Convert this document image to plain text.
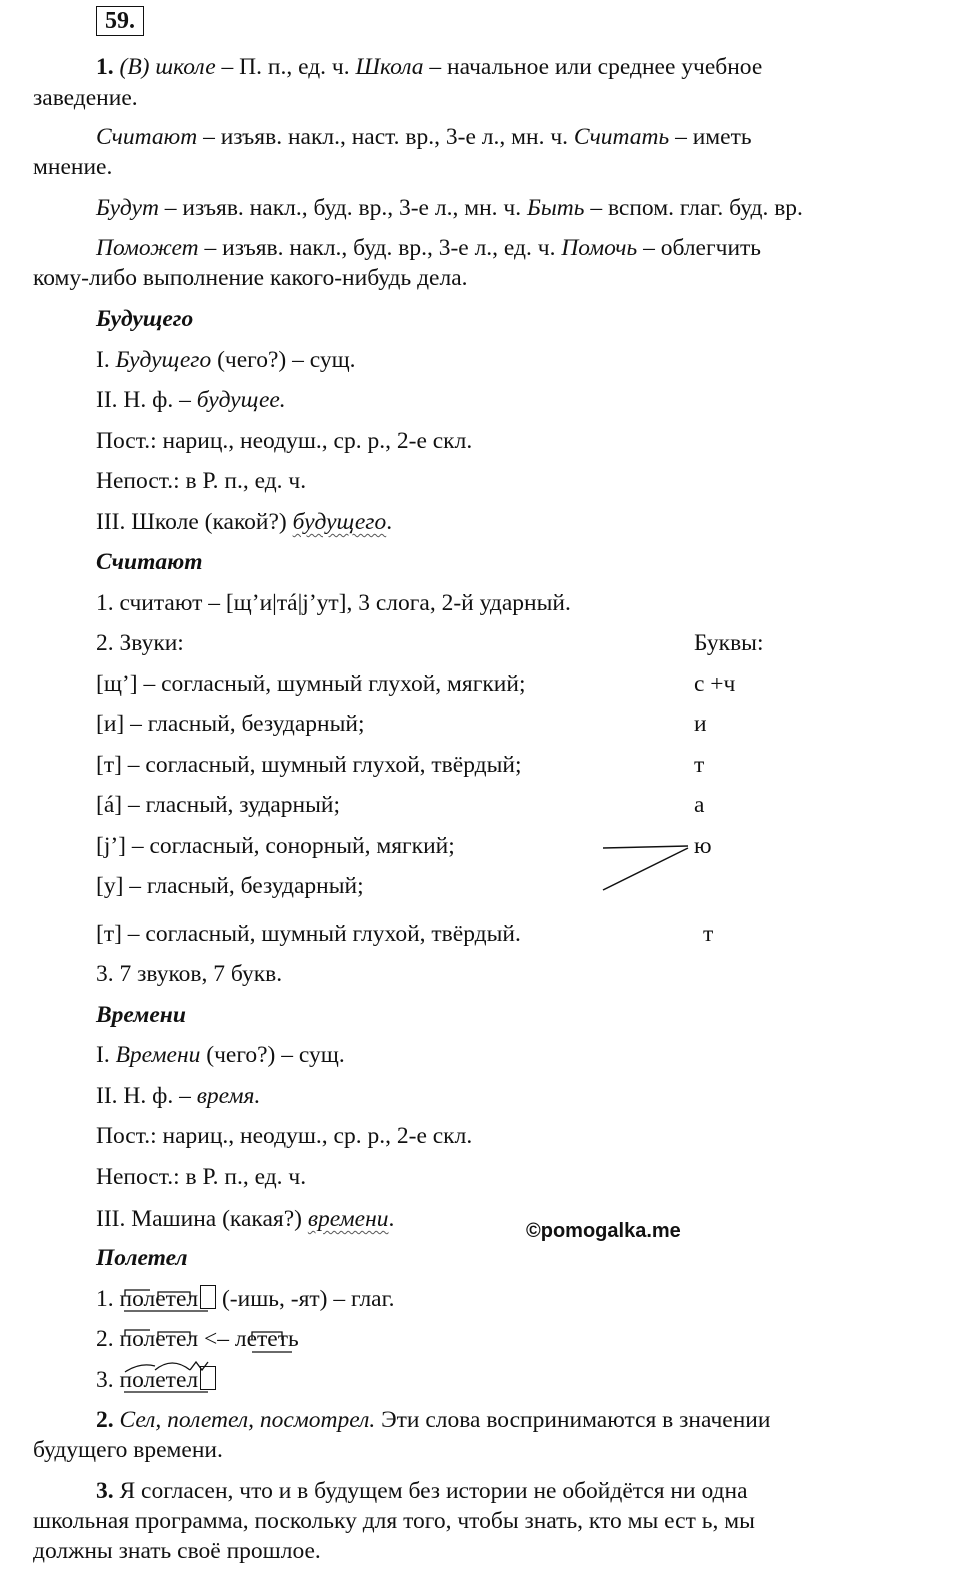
59.
1. (В) школе – П. п., ед. ч. Школа – начальное или среднее учебное
заведение.
Считают – изъяв. накл., наст. вр., 3-е л., мн. ч. Считать – иметь
мнение.
Будут – изъяв. накл., буд. вр., 3-е л., мн. ч. Быть – вспом. глаг. буд. вр.
Поможет – изъяв. накл., буд. вр., 3-е л., ед. ч. Помочь – облегчить
кому-либо выполнение какого-нибудь дела.
Будущего
I. Будущего (чего?) – сущ.
II. Н. ф. – будущее.
Пост.: нариц., неодуш., ср. р., 2-е скл.
Непост.: в Р. п., ед. ч.
III. Школе (какой?) будущего.
Считают
1. считают – [щ’и|тá|j’ут], 3 слога, 2-й ударный.
2. Звуки:	Буквы:
[щ’] – согласный, шумный глухой, мягкий;	с +ч
[и] – гласный, безударный;	и
[т] – согласный, шумный глухой, твёрдый;	т
[á] – гласный, зударный;	а
[j’] – согласный, сонорный, мягкий;	ю
[у] – гласный, безударный;
[т] – согласный, шумный глухой, твёрдый.	т
3. 7 звуков, 7 букв.
Времени
I. Времени (чего?) – сущ.
II. Н. ф. – время.
Пост.: нариц., неодуш., ср. р., 2-е скл.
Непост.: в Р. п., ед. ч.
III. Машина (какая?) времени.	©pomogalka.me
Полетел
1. полетел (-ишь, -ят) – глаг.
2. полетел <– лететь
3. полетел
2. Сел, полетел, посмотрел. Эти слова воспринимаются в значении
будущего времени.
3. Я согласен, что и в будущем без истории не обойдётся ни одна
школьная программа, поскольку для того, чтобы знать, кто мы ест ь, мы
должны знать своё прошлое.
